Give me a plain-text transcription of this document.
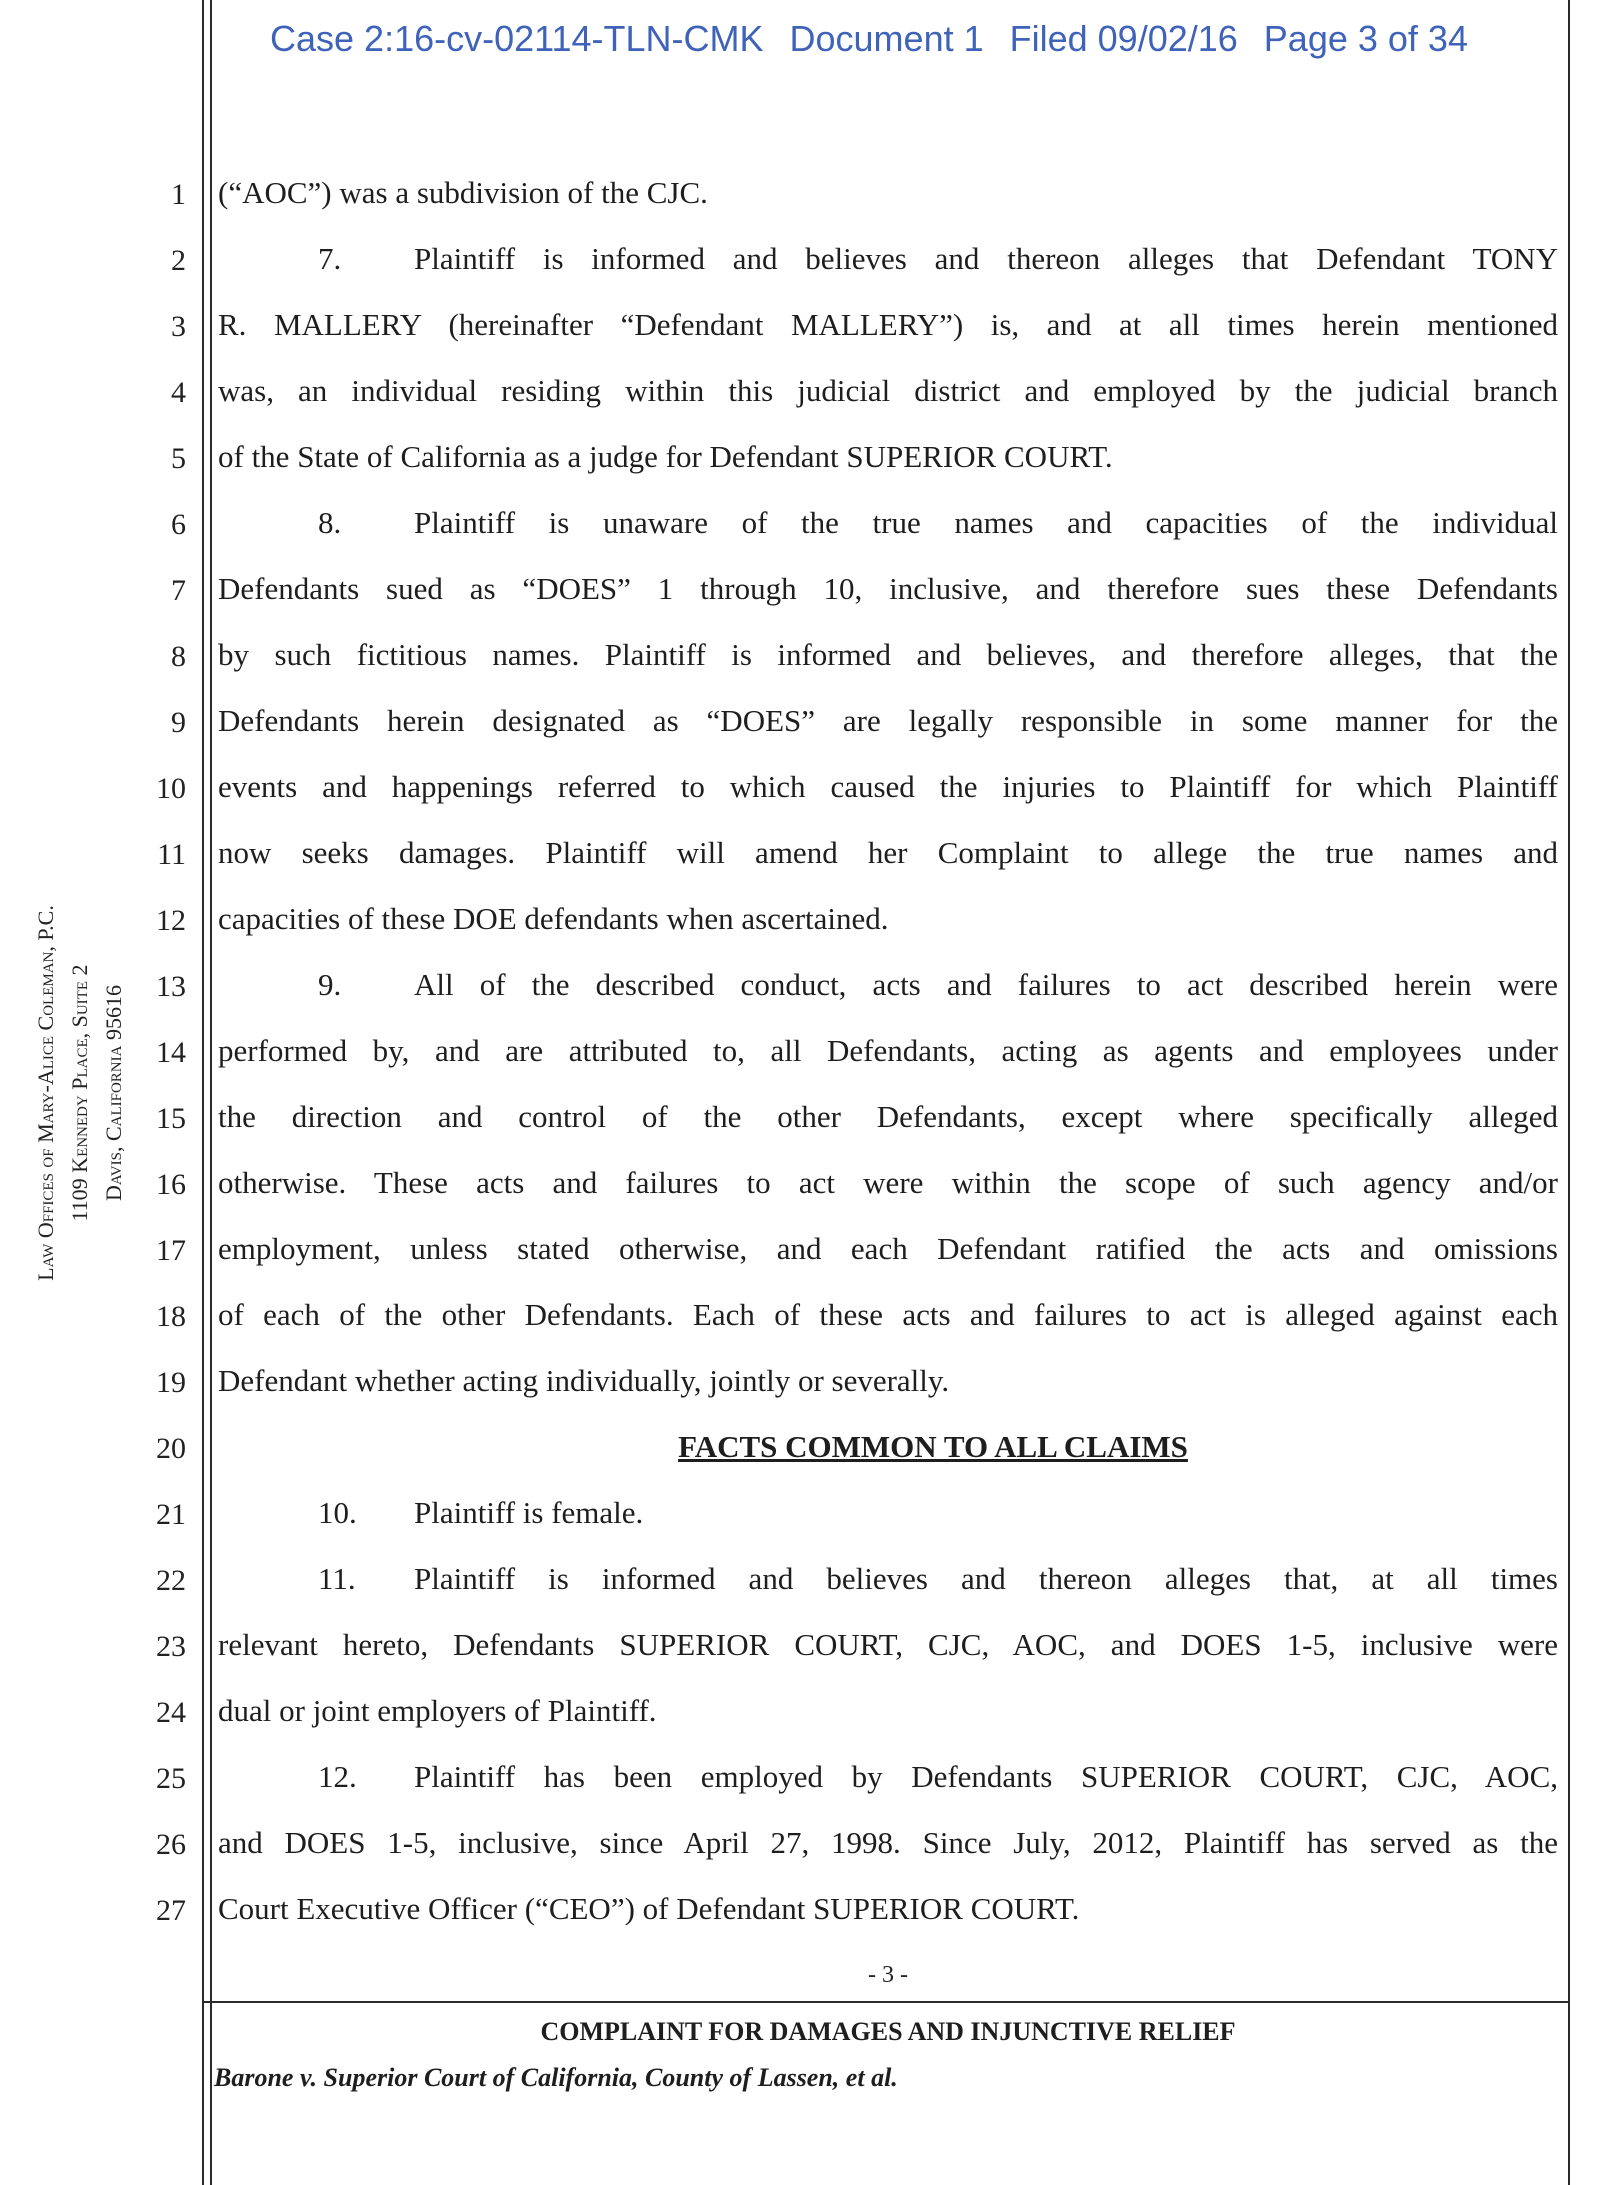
Case 2:16-cv-02114-TLN-CMK Document 1 Filed 09/02/16 Page 3 of 34
Law Offices of Mary-Alice Coleman, P.C. 1109 Kennedy Place, Suite 2 Davis, California 95616
1
2
3
4
5
6
7
8
9
10
11
12
13
14
15
16
17
18
19
20
21
22
23
24
25
26
27
(“AOC”) was a subdivision of the CJC.
7. Plaintiff is informed and believes and thereon alleges that Defendant TONY
R. MALLERY (hereinafter “Defendant MALLERY”) is, and at all times herein mentioned
was, an individual residing within this judicial district and employed by the judicial branch
of the State of California as a judge for Defendant SUPERIOR COURT.
8. Plaintiff is unaware of the true names and capacities of the individual
Defendants sued as “DOES” 1 through 10, inclusive, and therefore sues these Defendants
by such fictitious names. Plaintiff is informed and believes, and therefore alleges, that the
Defendants herein designated as “DOES” are legally responsible in some manner for the
events and happenings referred to which caused the injuries to Plaintiff for which Plaintiff
now seeks damages. Plaintiff will amend her Complaint to allege the true names and
capacities of these DOE defendants when ascertained.
9. All of the described conduct, acts and failures to act described herein were
performed by, and are attributed to, all Defendants, acting as agents and employees under
the direction and control of the other Defendants, except where specifically alleged
otherwise. These acts and failures to act were within the scope of such agency and/or
employment, unless stated otherwise, and each Defendant ratified the acts and omissions
of each of the other Defendants. Each of these acts and failures to act is alleged against each
Defendant whether acting individually, jointly or severally.
FACTS COMMON TO ALL CLAIMS
10. Plaintiff is female.
11. Plaintiff is informed and believes and thereon alleges that, at all times
relevant hereto, Defendants SUPERIOR COURT, CJC, AOC, and DOES 1-5, inclusive were
dual or joint employers of Plaintiff.
12. Plaintiff has been employed by Defendants SUPERIOR COURT, CJC, AOC,
and DOES 1-5, inclusive, since April 27, 1998. Since July, 2012, Plaintiff has served as the
Court Executive Officer (“CEO”) of Defendant SUPERIOR COURT.
- 3 -
COMPLAINT FOR DAMAGES AND INJUNCTIVE RELIEF
Barone v. Superior Court of California, County of Lassen, et al.
